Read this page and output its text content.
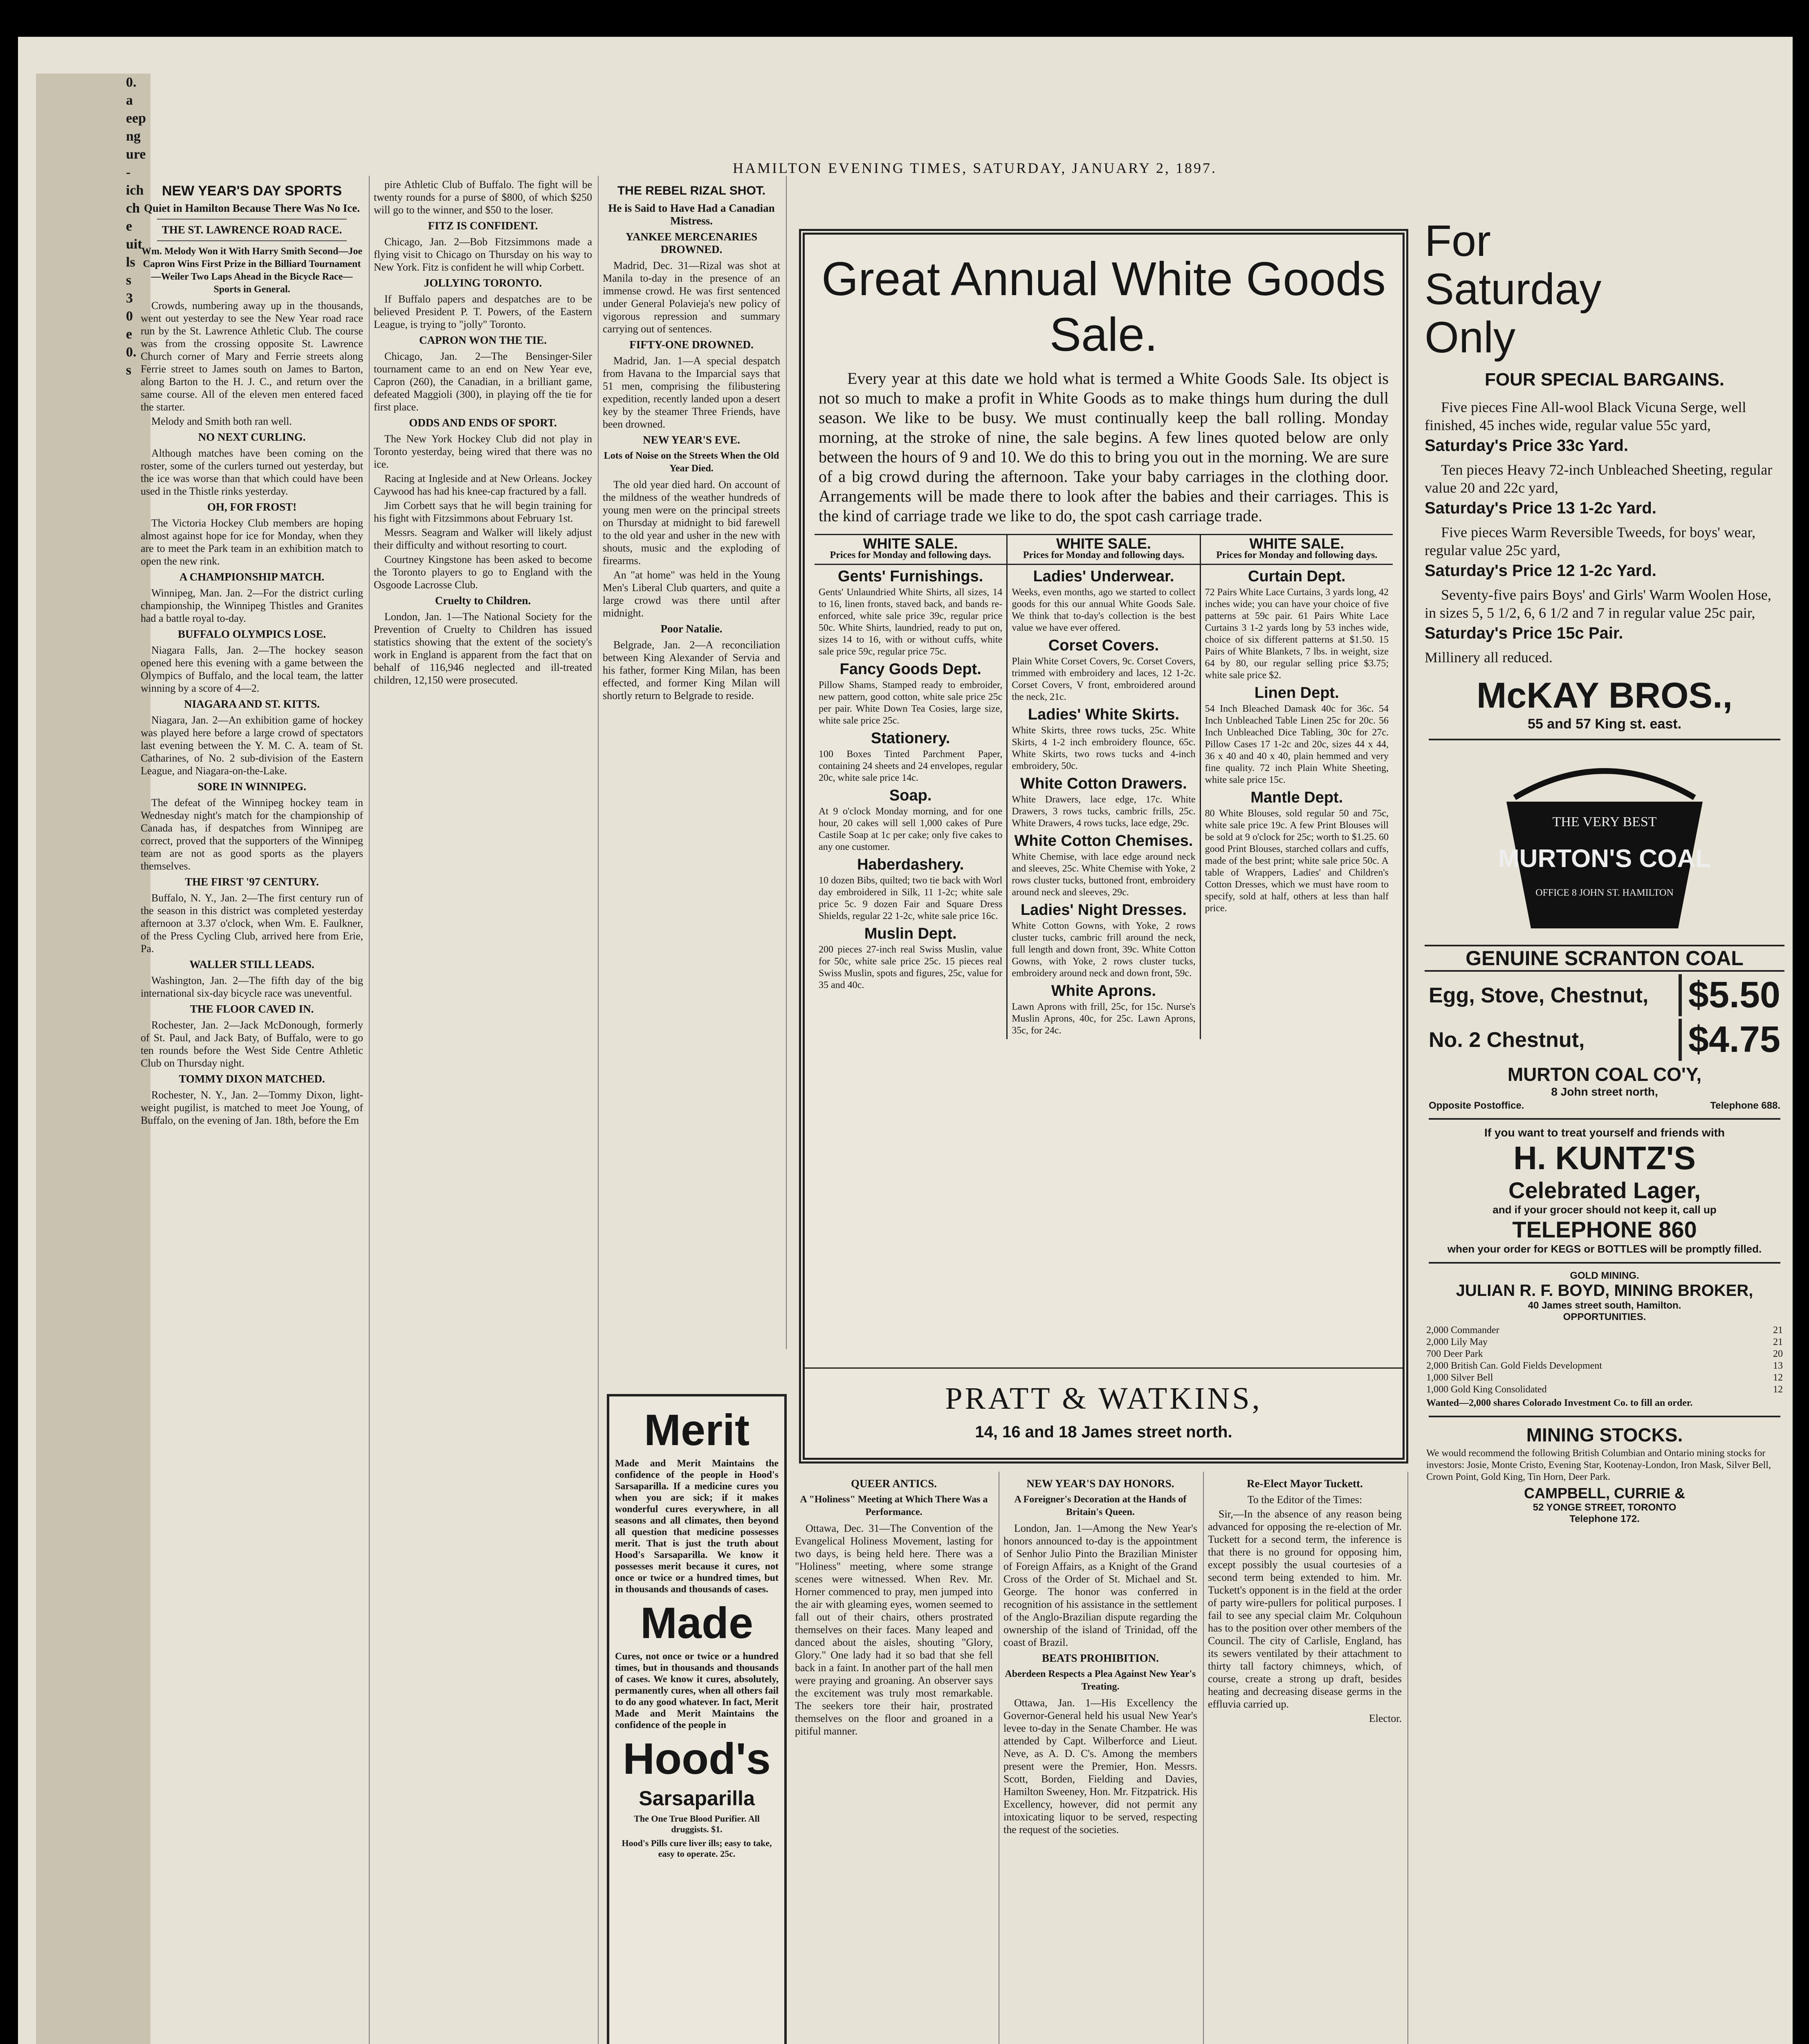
0.
a
eep
ng
ure
-
ich
ch
e
uit
ls
s
3
0
e
0.
s
HAMILTON EVENING TIMES, SATURDAY, JANUARY 2, 1897.
NEW YEAR'S DAY SPORTS
Quiet in Hamilton Because There Was No Ice.
THE ST. LAWRENCE ROAD RACE.
Wm. Melody Won it With Harry Smith Second—Joe Capron Wins First Prize in the Billiard Tournament—Weiler Two Laps Ahead in the Bicycle Race—Sports in General.

Crowds, numbering away up in the thousands, went out yesterday to see the New Year road race run by the St. Lawrence Athletic Club. The course was from the crossing opposite St. Lawrence Church corner of Mary and Ferrie streets along Ferrie street to James south on James to Barton, along Barton to the H. J. C., and return over the same course. All of the eleven men entered faced the starter.

Melody and Smith both ran well.

NO NEXT CURLING.

Although matches have been coming on the roster, some of the curlers turned out yesterday, but the ice was worse than that which could have been used in the Thistle rinks yesterday.

OH, FOR FROST!

The Victoria Hockey Club members are hoping almost against hope for ice for Monday, when they are to meet the Park team in an exhibition match to open the new rink.

A CHAMPIONSHIP MATCH.

Winnipeg, Man. Jan. 2—For the district curling championship, the Winnipeg Thistles and Granites had a battle royal to-day.

BUFFALO OLYMPICS LOSE.

Niagara Falls, Jan. 2—The hockey season opened here this evening with a game between the Olympics of Buffalo, and the local team, the latter winning by a score of 4—2.

NIAGARA AND ST. KITTS.

Niagara, Jan. 2—An exhibition game of hockey was played here before a large crowd of spectators last evening between the Y. M. C. A. team of St. Catharines, of No. 2 sub-division of the Eastern League, and Niagara-on-the-Lake.

SORE IN WINNIPEG.

The defeat of the Winnipeg hockey team in Wednesday night's match for the championship of Canada has, if despatches from Winnipeg are correct, proved that the supporters of the Winnipeg team are not as good sports as the players themselves.

THE FIRST '97 CENTURY.

Buffalo, N. Y., Jan. 2—The first century run of the season in this district was completed yesterday afternoon at 3.37 o'clock, when Wm. E. Faulkner, of the Press Cycling Club, arrived here from Erie, Pa.

WALLER STILL LEADS.

Washington, Jan. 2—The fifth day of the big international six-day bicycle race was uneventful.

THE FLOOR CAVED IN.

Rochester, Jan. 2—Jack McDonough, formerly of St. Paul, and Jack Baty, of Buffalo, were to go ten rounds before the West Side Centre Athletic Club on Thursday night.

TOMMY DIXON MATCHED.

Rochester, N. Y., Jan. 2—Tommy Dixon, light-weight pugilist, is matched to meet Joe Young, of Buffalo, on the evening of Jan. 18th, before the Em

pire Athletic Club of Buffalo. The fight will be twenty rounds for a purse of $800, of which $250 will go to the winner, and $50 to the loser.

FITZ IS CONFIDENT.

Chicago, Jan. 2—Bob Fitzsimmons made a flying visit to Chicago on Thursday on his way to New York. Fitz is confident he will whip Corbett.

JOLLYING TORONTO.

If Buffalo papers and despatches are to be believed President P. T. Powers, of the Eastern League, is trying to "jolly" Toronto.

CAPRON WON THE TIE.

Chicago, Jan. 2—The Bensinger-Siler tournament came to an end on New Year eve, Capron (260), the Canadian, in a brilliant game, defeated Maggioli (300), in playing off the tie for first place.

ODDS AND ENDS OF SPORT.

The New York Hockey Club did not play in Toronto yesterday, being wired that there was no ice.

Racing at Ingleside and at New Orleans. Jockey Caywood has had his knee-cap fractured by a fall.

Jim Corbett says that he will begin training for his fight with Fitzsimmons about February 1st.

Messrs. Seagram and Walker will likely adjust their difficulty and without resorting to court.

Courtney Kingstone has been asked to become the Toronto players to go to England with the Osgoode Lacrosse Club.

Cruelty to Children.

London, Jan. 1—The National Society for the Prevention of Cruelty to Children has issued statistics showing that the extent of the society's work in England is apparent from the fact that on behalf of 116,946 neglected and ill-treated children, 12,150 were prosecuted.

THE REBEL RIZAL SHOT.
He is Said to Have Had a Canadian Mistress.
YANKEE MERCENARIES DROWNED.

Madrid, Dec. 31—Rizal was shot at Manila to-day in the presence of an immense crowd. He was first sentenced under General Polavieja's new policy of vigorous repression and summary carrying out of sentences.

FIFTY-ONE DROWNED.

Madrid, Jan. 1—A special despatch from Havana to the Imparcial says that 51 men, comprising the filibustering expedition, recently landed upon a desert key by the steamer Three Friends, have been drowned.

NEW YEAR'S EVE.
Lots of Noise on the Streets When the Old Year Died.

The old year died hard. On account of the mildness of the weather hundreds of young men were on the principal streets on Thursday at midnight to bid farewell to the old year and usher in the new with shouts, music and the exploding of firearms.

An "at home" was held in the Young Men's Liberal Club quarters, and quite a large crowd was there until after midnight.

Poor Natalie.

Belgrade, Jan. 2—A reconciliation between King Alexander of Servia and his father, former King Milan, has been effected, and former King Milan will shortly return to Belgrade to reside.

Merit
Made and Merit Maintains the confidence of the people in Hood's Sarsaparilla. If a medicine cures you when you are sick; if it makes wonderful cures everywhere, in all seasons and all climates, then beyond all question that medicine possesses merit. That is just the truth about Hood's Sarsaparilla. We know it possesses merit because it cures, not once or twice or a hundred times, but in thousands and thousands of cases.
Made
Cures, not once or twice or a hundred times, but in thousands and thousands of cases. We know it cures, absolutely, permanently cures, when all others fail to do any good whatever. In fact, Merit Made and Merit Maintains the confidence of the people in
Hood's
Sarsaparilla
The One True Blood Purifier. All druggists. $1.
Hood's Pills cure liver ills; easy to take, easy to operate. 25c.
Great Annual White Goods Sale.
Every year at this date we hold what is termed a White Goods Sale. Its object is not so much to make a profit in White Goods as to make things hum during the dull season. We like to be busy. We must continually keep the ball rolling. Monday morning, at the stroke of nine, the sale begins. A few lines quoted below are only between the hours of 9 and 10. We do this to bring you out in the morning. We are sure of a big crowd during the afternoon. Take your baby carriages in the clothing door. Arrangements will be made there to look after the babies and their carriages. This is the kind of carriage trade we like to do, the spot cash carriage trade.
WHITE SALE.
Prices for Monday and following days.
Gents' Furnishings.
Gents' Unlaundried White Shirts, all sizes, 14 to 16, linen fronts, staved back, and bands re-enforced, white sale price 39c, regular price 50c. White Shirts, laundried, ready to put on, sizes 14 to 16, with or without cuffs, white sale price 59c, regular price 75c.
Fancy Goods Dept.
Pillow Shams, Stamped ready to embroider, new pattern, good cotton, white sale price 25c per pair. White Down Tea Cosies, large size, white sale price 25c.
Stationery.
100 Boxes Tinted Parchment Paper, containing 24 sheets and 24 envelopes, regular 20c, white sale price 14c.
Soap.
At 9 o'clock Monday morning, and for one hour, 20 cakes will sell 1,000 cakes of Pure Castile Soap at 1c per cake; only five cakes to any one customer.
Haberdashery.
10 dozen Bibs, quilted; two tie back with Worl day embroidered in Silk, 11 1-2c; white sale price 5c. 9 dozen Fair and Square Dress Shields, regular 22 1-2c, white sale price 16c.
Muslin Dept.
200 pieces 27-inch real Swiss Muslin, value for 50c, white sale price 25c. 15 pieces real Swiss Muslin, spots and figures, 25c, value for 35 and 40c.
WHITE SALE.
Prices for Monday and following days.
Ladies' Underwear.
Weeks, even months, ago we started to collect goods for this our annual White Goods Sale. We think that to-day's collection is the best value we have ever offered.
Corset Covers.
Plain White Corset Covers, 9c. Corset Covers, trimmed with embroidery and laces, 12 1-2c. Corset Covers, V front, embroidered around the neck, 21c.
Ladies' White Skirts.
White Skirts, three rows tucks, 25c. White Skirts, 4 1-2 inch embroidery flounce, 65c. White Skirts, two rows tucks and 4-inch embroidery, 50c.
White Cotton Drawers.
White Drawers, lace edge, 17c. White Drawers, 3 rows tucks, cambric frills, 25c. White Drawers, 4 rows tucks, lace edge, 29c.
White Cotton Chemises.
White Chemise, with lace edge around neck and sleeves, 25c. White Chemise with Yoke, 2 rows cluster tucks, buttoned front, embroidery around neck and sleeves, 29c.
Ladies' Night Dresses.
White Cotton Gowns, with Yoke, 2 rows cluster tucks, cambric frill around the neck, full length and down front, 39c. White Cotton Gowns, with Yoke, 2 rows cluster tucks, embroidery around neck and down front, 59c.
White Aprons.
Lawn Aprons with frill, 25c, for 15c. Nurse's Muslin Aprons, 40c, for 25c. Lawn Aprons, 35c, for 24c.
WHITE SALE.
Prices for Monday and following days.
Curtain Dept.
72 Pairs White Lace Curtains, 3 yards long, 42 inches wide; you can have your choice of five patterns at 59c pair. 61 Pairs White Lace Curtains 3 1-2 yards long by 53 inches wide, choice of six different patterns at $1.50. 15 Pairs of White Blankets, 7 lbs. in weight, size 64 by 80, our regular selling price $3.75; white sale price $2.
Linen Dept.
54 Inch Bleached Damask 40c for 36c. 54 Inch Unbleached Table Linen 25c for 20c. 56 Inch Unbleached Dice Tabling, 30c for 27c. Pillow Cases 17 1-2c and 20c, sizes 44 x 44, 36 x 40 and 40 x 40, plain hemmed and very fine quality. 72 inch Plain White Sheeting, white sale price 15c.
Mantle Dept.
80 White Blouses, sold regular 50 and 75c, white sale price 19c. A few Print Blouses will be sold at 9 o'clock for 25c; worth to $1.25. 60 good Print Blouses, starched collars and cuffs, made of the best print; white sale price 50c. A table of Wrappers, Ladies' and Children's Cotton Dresses, which we must have room to specify, sold at half, others at less than half price.
PRATT & WATKINS,
14, 16 and 18 James street north.
QUEER ANTICS.
A "Holiness" Meeting at Which There Was a Performance.

Ottawa, Dec. 31—The Convention of the Evangelical Holiness Movement, lasting for two days, is being held here. There was a "Holiness" meeting, where some strange scenes were witnessed. When Rev. Mr. Horner commenced to pray, men jumped into the air with gleaming eyes, women seemed to fall out of their chairs, others prostrated themselves on their faces. Many leaped and danced about the aisles, shouting "Glory, Glory." One lady had it so bad that she fell back in a faint. In another part of the hall men were praying and groaning. An observer says the excitement was truly most remarkable. The seekers tore their hair, prostrated themselves on the floor and groaned in a pitiful manner.

NEW YEAR'S DAY HONORS.
A Foreigner's Decoration at the Hands of Britain's Queen.

London, Jan. 1—Among the New Year's honors announced to-day is the appointment of Senhor Julio Pinto the Brazilian Minister of Foreign Affairs, as a Knight of the Grand Cross of the Order of St. Michael and St. George. The honor was conferred in recognition of his assistance in the settlement of the Anglo-Brazilian dispute regarding the ownership of the island of Trinidad, off the coast of Brazil.

BEATS PROHIBITION.
Aberdeen Respects a Plea Against New Year's Treating.

Ottawa, Jan. 1—His Excellency the Governor-General held his usual New Year's levee to-day in the Senate Chamber. He was attended by Capt. Wilberforce and Lieut. Neve, as A. D. C's. Among the members present were the Premier, Hon. Messrs. Scott, Borden, Fielding and Davies, Hamilton Sweeney, Hon. Mr. Fitzpatrick. His Excellency, however, did not permit any intoxicating liquor to be served, respecting the request of the societies.

Re-Elect Mayor Tuckett.

To the Editor of the Times:

Sir,—In the absence of any reason being advanced for opposing the re-election of Mr. Tuckett for a second term, the inference is that there is no ground for opposing him, except possibly the usual courtesies of a second term being extended to him. Mr. Tuckett's opponent is in the field at the order of party wire-pullers for political purposes. I fail to see any special claim Mr. Colquhoun has to the position over other members of the Council. The city of Carlisle, England, has its sewers ventilated by their attachment to thirty tall factory chimneys, which, of course, create a strong up draft, besides heating and decreasing disease germs in the effluvia carried up.

Elector.

For
Saturday
Only
FOUR SPECIAL BARGAINS.
Five pieces Fine All-wool Black Vicuna Serge, well finished, 45 inches wide, regular value 55c yard,
Saturday's Price 33c Yard.
Ten pieces Heavy 72-inch Unbleached Sheeting, regular value 20 and 22c yard,
Saturday's Price 13 1-2c Yard.
Five pieces Warm Reversible Tweeds, for boys' wear, regular value 25c yard,
Saturday's Price 12 1-2c Yard.
Seventy-five pairs Boys' and Girls' Warm Woolen Hose, in sizes 5, 5 1/2, 6, 6 1/2 and 7 in regular value 25c pair,
Saturday's Price 15c Pair.
Millinery all reduced.
McKAY BROS.,
55 and 57 King st. east.
THE VERY BEST
MURTON'S COAL
OFFICE 8 JOHN ST. HAMILTON
GENUINE SCRANTON COAL
Egg, Stove, Chestnut,	$5.50
No. 2 Chestnut,	$4.75
MURTON COAL CO'Y,
8 John street north,
Opposite Postoffice.	Telephone 688.
If you want to treat yourself and friends with
H. KUNTZ'S
Celebrated Lager,
and if your grocer should not keep it, call up
TELEPHONE 860
when your order for KEGS or BOTTLES will be promptly filled.
GOLD MINING.
JULIAN R. F. BOYD, MINING BROKER,
40 James street south, Hamilton.
OPPORTUNITIES.
2,000 Commander	21
2,000 Lily May	21
700 Deer Park	20
2,000 British Can. Gold Fields Development	13
1,000 Silver Bell	12
1,000 Gold King Consolidated	12
Wanted—2,000 shares Colorado Investment Co. to fill an order.
MINING STOCKS.
We would recommend the following British Columbian and Ontario mining stocks for investors: Josie, Monte Cristo, Evening Star, Kootenay-London, Iron Mask, Silver Bell, Crown Point, Gold King, Tin Horn, Deer Park.
CAMPBELL, CURRIE &
52 YONGE STREET, TORONTO
Telephone 172.
